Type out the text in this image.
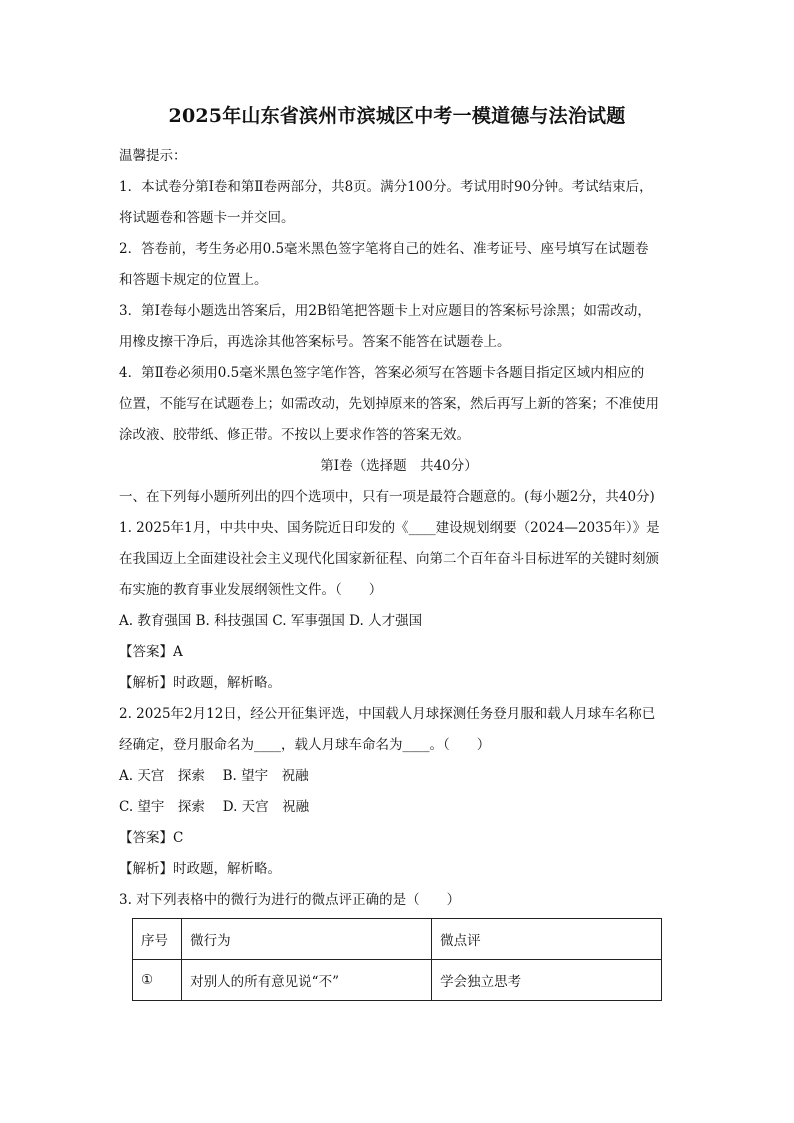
2025年山东省滨州市滨城区中考一模道德与法治试题

温馨提示：

1．本试卷分第Ⅰ卷和第Ⅱ卷两部分，共8页。满分100分。考试用时90分钟。考试结束后，

将试题卷和答题卡一并交回。

2．答卷前，考生务必用0.5毫米黑色签字笔将自己的姓名、准考证号、座号填写在试题卷

和答题卡规定的位置上。

3．第Ⅰ卷每小题选出答案后，用2B铅笔把答题卡上对应题目的答案标号涂黑；如需改动，

用橡皮擦干净后，再选涂其他答案标号。答案不能答在试题卷上。

4．第Ⅱ卷必须用0.5毫米黑色签字笔作答，答案必须写在答题卡各题目指定区域内相应的

位置，不能写在试题卷上；如需改动，先划掉原来的答案，然后再写上新的答案；不准使用

涂改液、胶带纸、修正带。不按以上要求作答的答案无效。

第Ⅰ卷（选择题　共40分）

一、在下列每小题所列出的四个选项中，只有一项是最符合题意的。(每小题2分，共40分)

1. 2025年1月，中共中央、国务院近日印发的《____建设规划纲要（2024—2035年）》是

在我国迈上全面建设社会主义现代化国家新征程、向第二个百年奋斗目标进军的关键时刻颁

布实施的教育事业发展纲领性文件。（　　）

A. 教育强国 B. 科技强国 C. 军事强国 D. 人才强国

【答案】A

【解析】时政题，解析略。

2. 2025年2月12日，经公开征集评选，中国载人月球探测任务登月服和载人月球车名称已

经确定，登月服命名为____，载人月球车命名为____。（　　）

A. 天宫　探索　 B. 望宇　祝融

C. 望宇　探索　 D. 天宫　祝融

【答案】C

【解析】时政题，解析略。

3. 对下列表格中的微行为进行的微点评正确的是（　　）

序号	微行为	微点评
①	对别人的所有意见说“不”	学会独立思考
